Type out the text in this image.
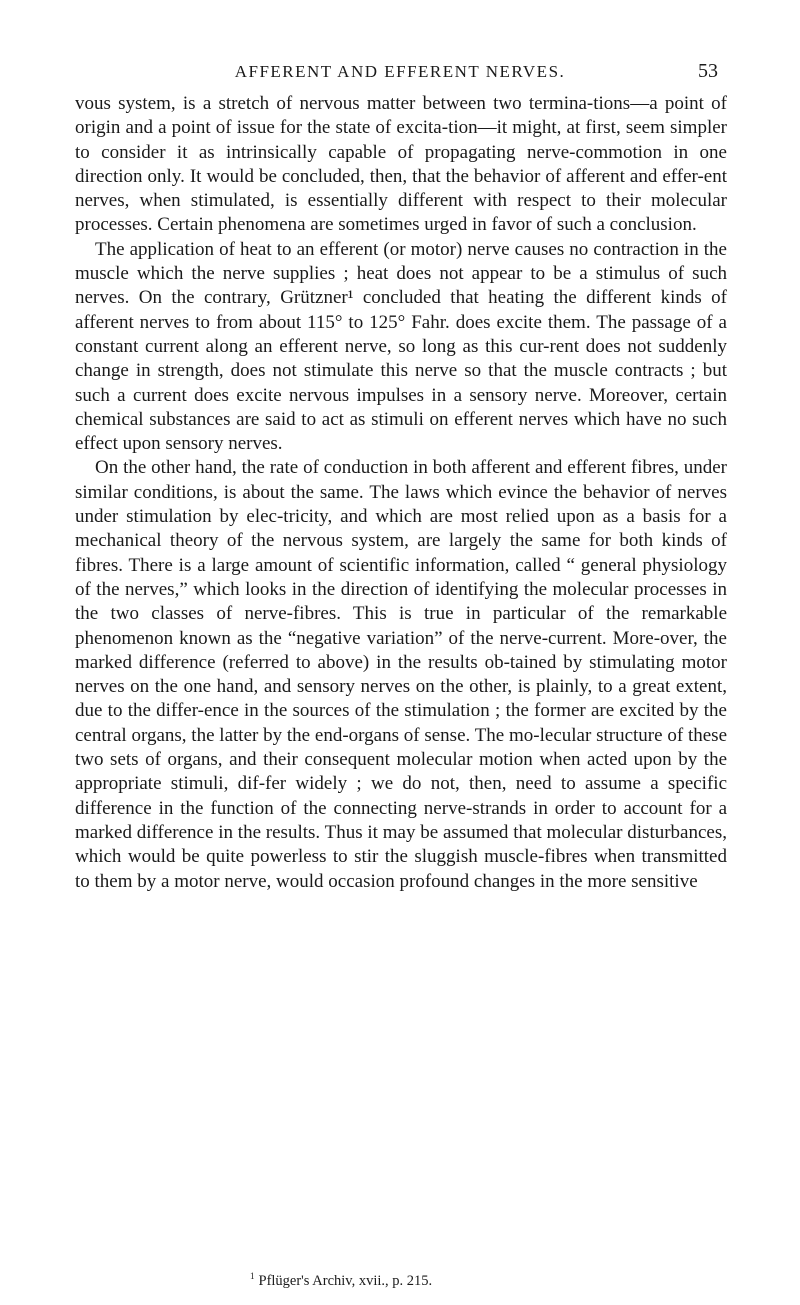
AFFERENT AND EFFERENT NERVES.	53

vous system, is a stretch of nervous matter between two termina-tions—a point of origin and a point of issue for the state of excita-tion—it might, at first, seem simpler to consider it as intrinsically capable of propagating nerve-commotion in one direction only. It would be concluded, then, that the behavior of afferent and effer-ent nerves, when stimulated, is essentially different with respect to their molecular processes. Certain phenomena are sometimes urged in favor of such a conclusion.

The application of heat to an efferent (or motor) nerve causes no contraction in the muscle which the nerve supplies ; heat does not appear to be a stimulus of such nerves. On the contrary, Grützner¹ concluded that heating the different kinds of afferent nerves to from about 115° to 125° Fahr. does excite them. The passage of a constant current along an efferent nerve, so long as this cur-rent does not suddenly change in strength, does not stimulate this nerve so that the muscle contracts ; but such a current does excite nervous impulses in a sensory nerve. Moreover, certain chemical substances are said to act as stimuli on efferent nerves which have no such effect upon sensory nerves.

On the other hand, the rate of conduction in both afferent and efferent fibres, under similar conditions, is about the same. The laws which evince the behavior of nerves under stimulation by elec-tricity, and which are most relied upon as a basis for a mechanical theory of the nervous system, are largely the same for both kinds of fibres. There is a large amount of scientific information, called “ general physiology of the nerves,” which looks in the direction of identifying the molecular processes in the two classes of nerve-fibres. This is true in particular of the remarkable phenomenon known as the “negative variation” of the nerve-current. More-over, the marked difference (referred to above) in the results ob-tained by stimulating motor nerves on the one hand, and sensory nerves on the other, is plainly, to a great extent, due to the differ-ence in the sources of the stimulation ; the former are excited by the central organs, the latter by the end-organs of sense. The mo-lecular structure of these two sets of organs, and their consequent molecular motion when acted upon by the appropriate stimuli, dif-fer widely ; we do not, then, need to assume a specific difference in the function of the connecting nerve-strands in order to account for a marked difference in the results. Thus it may be assumed that molecular disturbances, which would be quite powerless to stir the sluggish muscle-fibres when transmitted to them by a motor nerve, would occasion profound changes in the more sensitive

$^1$ Pflüger's Archiv, xvii., p. 215.
